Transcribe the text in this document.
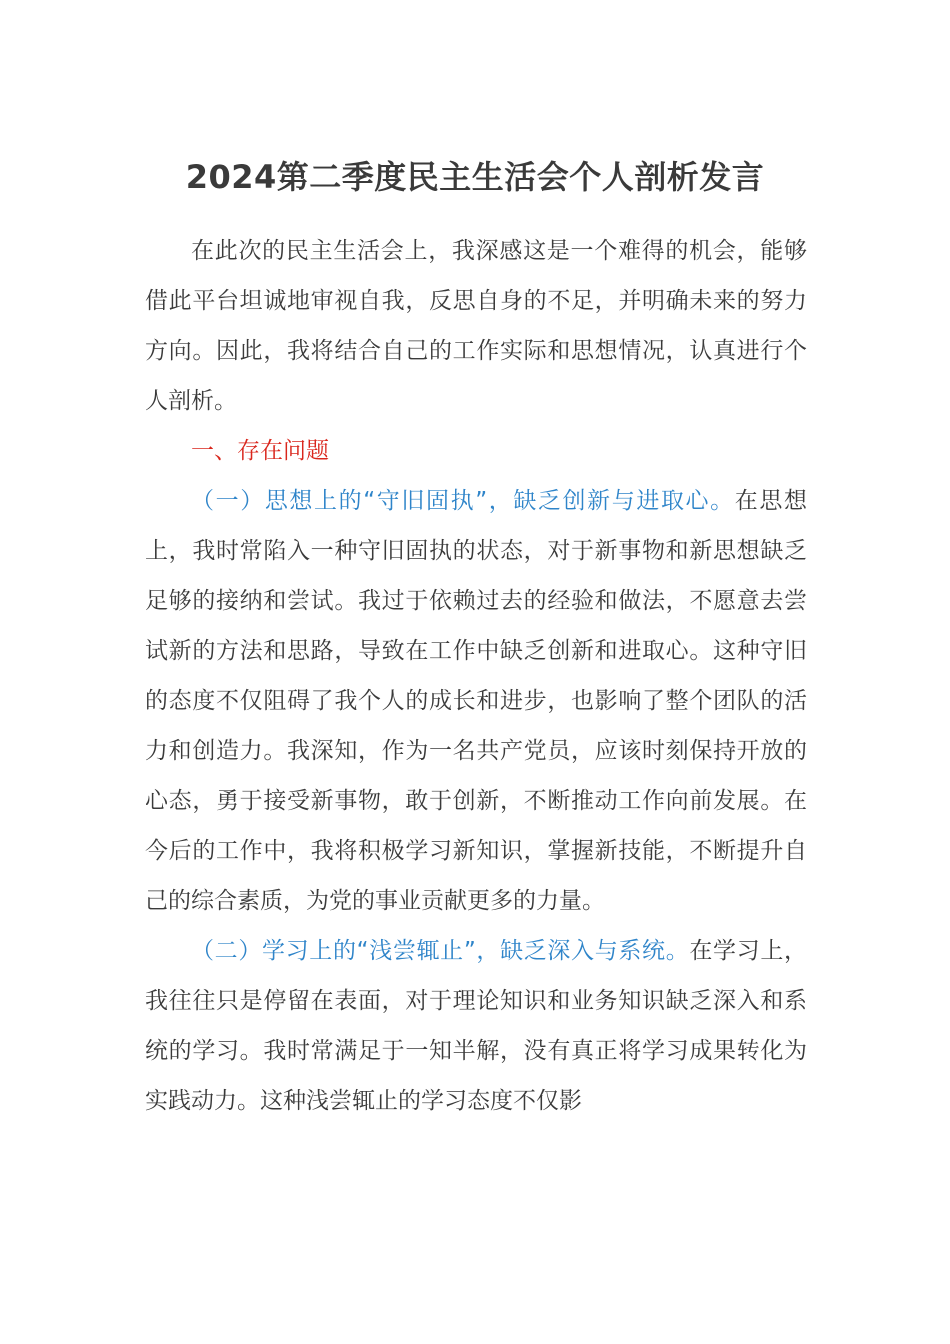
2024第二季度民主生活会个人剖析发言

在此次的民主生活会上，我深感这是一个难得的机会，能够借此平台坦诚地审视自我，反思自身的不足，并明确未来的努力方向。因此，我将结合自己的工作实际和思想情况，认真进行个人剖析。

一、存在问题

（一）思想上的“守旧固执”，缺乏创新与进取心。在思想上，我时常陷入一种守旧固执的状态，对于新事物和新思想缺乏足够的接纳和尝试。我过于依赖过去的经验和做法，不愿意去尝试新的方法和思路，导致在工作中缺乏创新和进取心。这种守旧的态度不仅阻碍了我个人的成长和进步，也影响了整个团队的活力和创造力。我深知，作为一名共产党员，应该时刻保持开放的心态，勇于接受新事物，敢于创新，不断推动工作向前发展。在今后的工作中，我将积极学习新知识，掌握新技能，不断提升自己的综合素质，为党的事业贡献更多的力量。

（二）学习上的“浅尝辄止”，缺乏深入与系统。在学习上，我往往只是停留在表面，对于理论知识和业务知识缺乏深入和系统的学习。我时常满足于一知半解，没有真正将学习成果转化为实践动力。这种浅尝辄止的学习态度不仅影
